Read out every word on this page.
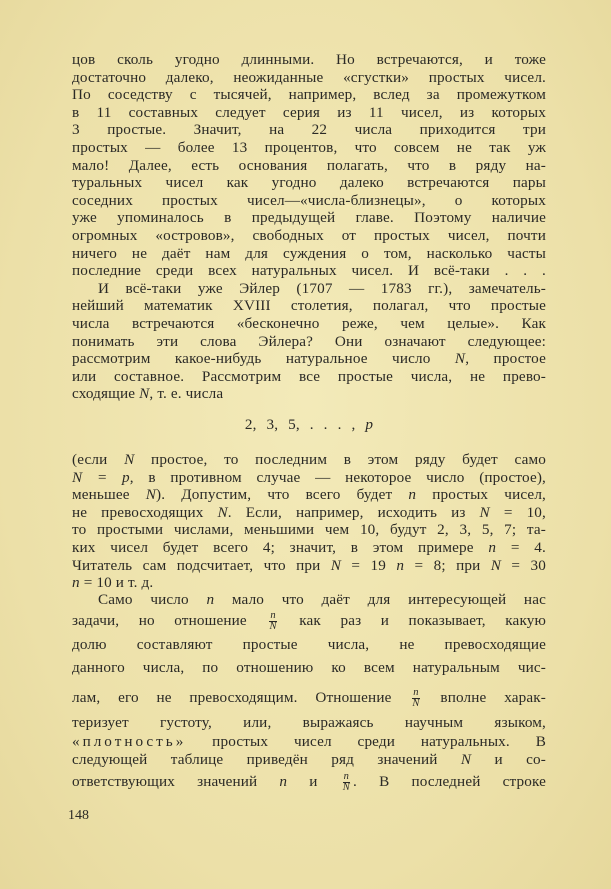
цов сколь угодно длинными. Но встречаются, и тоже
достаточно далеко, неожиданные «сгустки» простых чисел.
По соседству с тысячей, например, вслед за промежутком
в 11 составных следует серия из 11 чисел, из которых
3 простые. Значит, на 22 числа приходится три
простых — более 13 процентов, что совсем не так уж
мало! Далее, есть основания полагать, что в ряду на-
туральных чисел как угодно далеко встречаются пары
соседних простых чисел—«числа-близнецы», о которых
уже упоминалось в предыдущей главе. Поэтому наличие
огромных «островов», свободных от простых чисел, почти
ничего не даёт нам для суждения о том, насколько часты
последние среди всех натуральных чисел. И всё-таки . . .
И всё-таки уже Эйлер (1707 — 1783 гг.), замечатель-
нейший математик XVIII столетия, полагал, что простые
числа встречаются «бесконечно реже, чем целые». Как
понимать эти слова Эйлера? Они означают следующее:
рассмотрим какое-нибудь натуральное число N, простое
или составное. Рассмотрим все простые числа, не прево-
сходящие N, т. е. числа
2, 3, 5, . . . , p
(если N простое, то последним в этом ряду будет само
N = p, в противном случае — некоторое число (простое),
меньшее N). Допустим, что всего будет n простых чисел,
не превосходящих N. Если, например, исходить из N = 10,
то простыми числами, меньшими чем 10, будут 2, 3, 5, 7; та-
ких чисел будет всего 4; значит, в этом примере n = 4.
Читатель сам подсчитает, что при N = 19 n = 8; при N = 30
n = 10 и т. д.
Само число n мало что даёт для интересующей нас
задачи, но отношение $\frac{n}{N}$ как раз и показывает, какую
долю составляют простые числа, не превосходящие
данного числа, по отношению ко всем натуральным чис-
лам, его не превосходящим. Отношение $\frac{n}{N}$ вполне харак-
теризует густоту, или, выражаясь научным языком,
«плотность» простых чисел среди натуральных. В
следующей таблице приведён ряд значений N и со-
ответствующих значений n и $\frac{n}{N}$ . В последней строке
148
